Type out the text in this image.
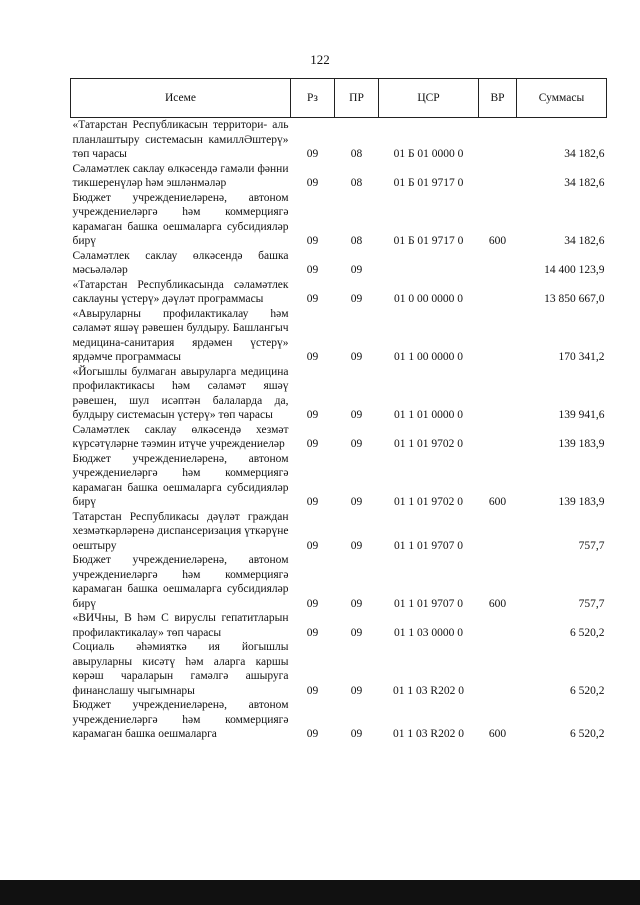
122
Исеме	Рз	ПР	ЦСР	ВР	Суммасы
«Татарстан Республикасын территори- аль планлаштыру системасын камиллӘштерү» төп чарасы	09	08	01 Б 01 0000 0		34 182,6
Сәламәтлек саклау өлкәсендә гамәли фәнни тикшеренүләр һәм эшләнмәләр	09	08	01 Б 01 9717 0		34 182,6
Бюджет учреждениеләренә, автоном учреждениеләргә һәм коммерциягә карамаган башка оешмаларга субсидияләр бирү	09	08	01 Б 01 9717 0	600	34 182,6
Сәламәтлек саклау өлкәсендә башка мәсьәләләр	09	09			14 400 123,9
«Татарстан Республикасында сәламәтлек саклауны үстерү» дәүләт программасы	09	09	01 0 00 0000 0		13 850 667,0
«Авыруларны профилактикалау һәм сәламәт яшәү рәвешен булдыру. Башлангыч медицина-санитария ярдәмен үстерү» ярдәмче программасы	09	09	01 1 00 0000 0		170 341,2
«Йогышлы булмаган авыруларга медицина профилактикасы һәм сәламәт яшәү рәвешен, шул исәптән балаларда да, булдыру системасын үстерү» төп чарасы	09	09	01 1 01 0000 0		139 941,6
Сәламәтлек саклау өлкәсендә хезмәт күрсәтүләрне тәэмин итүче учреждениеләр	09	09	01 1 01 9702 0		139 183,9
Бюджет учреждениеләренә, автоном учреждениеләргә һәм коммерциягә карамаган башка оешмаларга субсидияләр бирү	09	09	01 1 01 9702 0	600	139 183,9
Татарстан Республикасы дәүләт граждан хезмәткәрләренә диспансеризация үткәрүне оештыру	09	09	01 1 01 9707 0		757,7
Бюджет учреждениеләренә, автоном учреждениеләргә һәм коммерциягә карамаган башка оешмаларга субсидияләр бирү	09	09	01 1 01 9707 0	600	757,7
«ВИЧны, В һәм С вируслы гепатитларын профилактикалау» төп чарасы	09	09	01 1 03 0000 0		6 520,2
Социаль әһәмияткә ия йогышлы авыруларны кисәтү һәм аларга каршы көрәш чараларын гамәлгә ашыруга финанслашу чыгымнары	09	09	01 1 03 R202 0		6 520,2
Бюджет учреждениеләренә, автоном учреждениеләргә һәм коммерциягә карамаган башка оешмаларга	09	09	01 1 03 R202 0	600	6 520,2
